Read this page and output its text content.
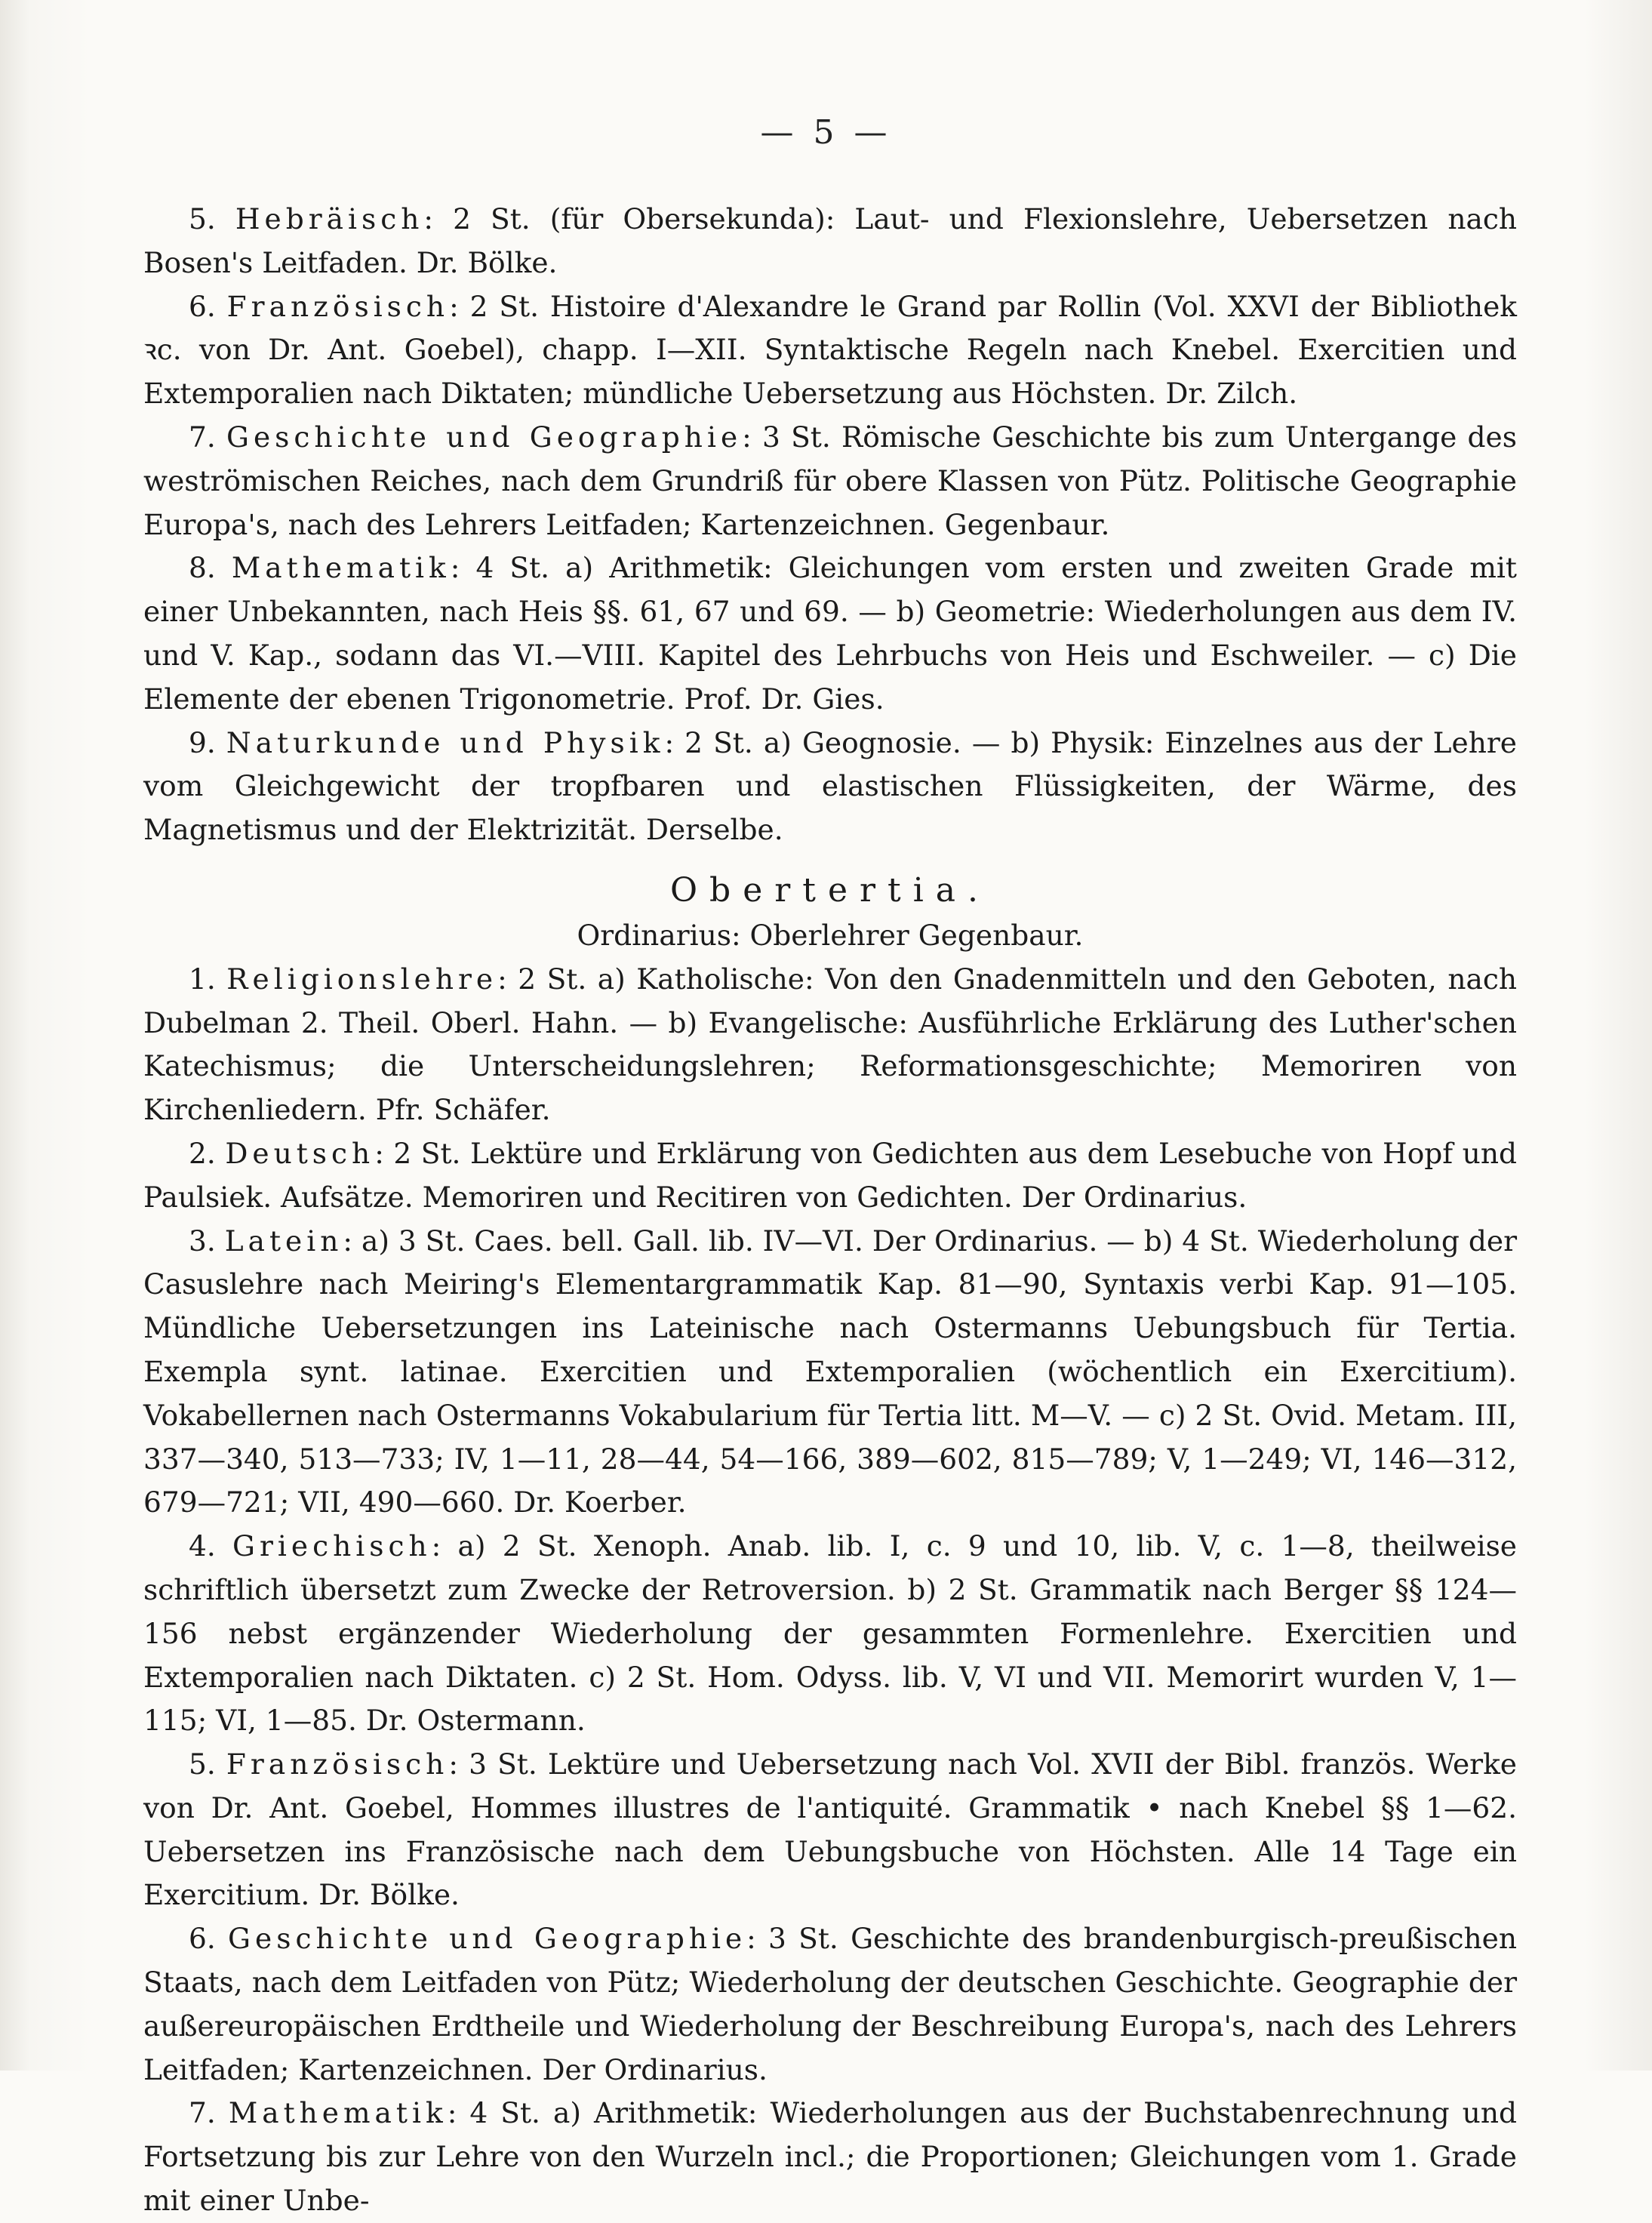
— 5 —

5. Hebräisch: 2 St. (für Obersekunda): Laut- und Flexionslehre, Uebersetzen nach Bosen's Leitfaden. Dr. Bölke.

6. Französisch: 2 St. Histoire d'Alexandre le Grand par Rollin (Vol. XXVI der Bibliothek ꝛc. von Dr. Ant. Goebel), chapp. I—XII. Syntaktische Regeln nach Knebel. Exercitien und Extemporalien nach Diktaten; mündliche Uebersetzung aus Höchsten. Dr. Zilch.

7. Geschichte und Geographie: 3 St. Römische Geschichte bis zum Untergange des weströmischen Reiches, nach dem Grundriß für obere Klassen von Pütz. Politische Geographie Europa's, nach des Lehrers Leitfaden; Kartenzeichnen. Gegenbaur.

8. Mathematik: 4 St. a) Arithmetik: Gleichungen vom ersten und zweiten Grade mit einer Unbekannten, nach Heis §§. 61, 67 und 69. — b) Geometrie: Wiederholungen aus dem IV. und V. Kap., sodann das VI.—VIII. Kapitel des Lehrbuchs von Heis und Eschweiler. — c) Die Elemente der ebenen Trigonometrie. Prof. Dr. Gies.

9. Naturkunde und Physik: 2 St. a) Geognosie. — b) Physik: Einzelnes aus der Lehre vom Gleichgewicht der tropfbaren und elastischen Flüssigkeiten, der Wärme, des Magnetismus und der Elektrizität. Derselbe.

Obertertia.
Ordinarius: Oberlehrer Gegenbaur.

1. Religionslehre: 2 St. a) Katholische: Von den Gnadenmitteln und den Geboten, nach Dubelman 2. Theil. Oberl. Hahn. — b) Evangelische: Ausführliche Erklärung des Luther'schen Katechismus; die Unterscheidungslehren; Reformationsgeschichte; Memoriren von Kirchenliedern. Pfr. Schäfer.

2. Deutsch: 2 St. Lektüre und Erklärung von Gedichten aus dem Lesebuche von Hopf und Paulsiek. Aufsätze. Memoriren und Recitiren von Gedichten. Der Ordinarius.

3. Latein: a) 3 St. Caes. bell. Gall. lib. IV—VI. Der Ordinarius. — b) 4 St. Wiederholung der Casuslehre nach Meiring's Elementargrammatik Kap. 81—90, Syntaxis verbi Kap. 91—105. Mündliche Uebersetzungen ins Lateinische nach Ostermanns Uebungsbuch für Tertia. Exempla synt. latinae. Exercitien und Extemporalien (wöchentlich ein Exercitium). Vokabellernen nach Ostermanns Vokabularium für Tertia litt. M—V. — c) 2 St. Ovid. Metam. III, 337—340, 513—733; IV, 1—11, 28—44, 54—166, 389—602, 815—789; V, 1—249; VI, 146—312, 679—721; VII, 490—660. Dr. Koerber.

4. Griechisch: a) 2 St. Xenoph. Anab. lib. I, c. 9 und 10, lib. V, c. 1—8, theilweise schriftlich übersetzt zum Zwecke der Retroversion. b) 2 St. Grammatik nach Berger §§ 124—156 nebst ergänzender Wiederholung der gesammten Formenlehre. Exercitien und Extemporalien nach Diktaten. c) 2 St. Hom. Odyss. lib. V, VI und VII. Memorirt wurden V, 1—115; VI, 1—85. Dr. Ostermann.

5. Französisch: 3 St. Lektüre und Uebersetzung nach Vol. XVII der Bibl. französ. Werke von Dr. Ant. Goebel, Hommes illustres de l'antiquité. Grammatik • nach Knebel §§ 1—62. Uebersetzen ins Französische nach dem Uebungsbuche von Höchsten. Alle 14 Tage ein Exercitium. Dr. Bölke.

6. Geschichte und Geographie: 3 St. Geschichte des brandenburgisch-preußischen Staats, nach dem Leitfaden von Pütz; Wiederholung der deutschen Geschichte. Geographie der außereuropäischen Erdtheile und Wiederholung der Beschreibung Europa's, nach des Lehrers Leitfaden; Kartenzeichnen. Der Ordinarius.

7. Mathematik: 4 St. a) Arithmetik: Wiederholungen aus der Buchstabenrechnung und Fortsetzung bis zur Lehre von den Wurzeln incl.; die Proportionen; Gleichungen vom 1. Grade mit einer Unbe-
